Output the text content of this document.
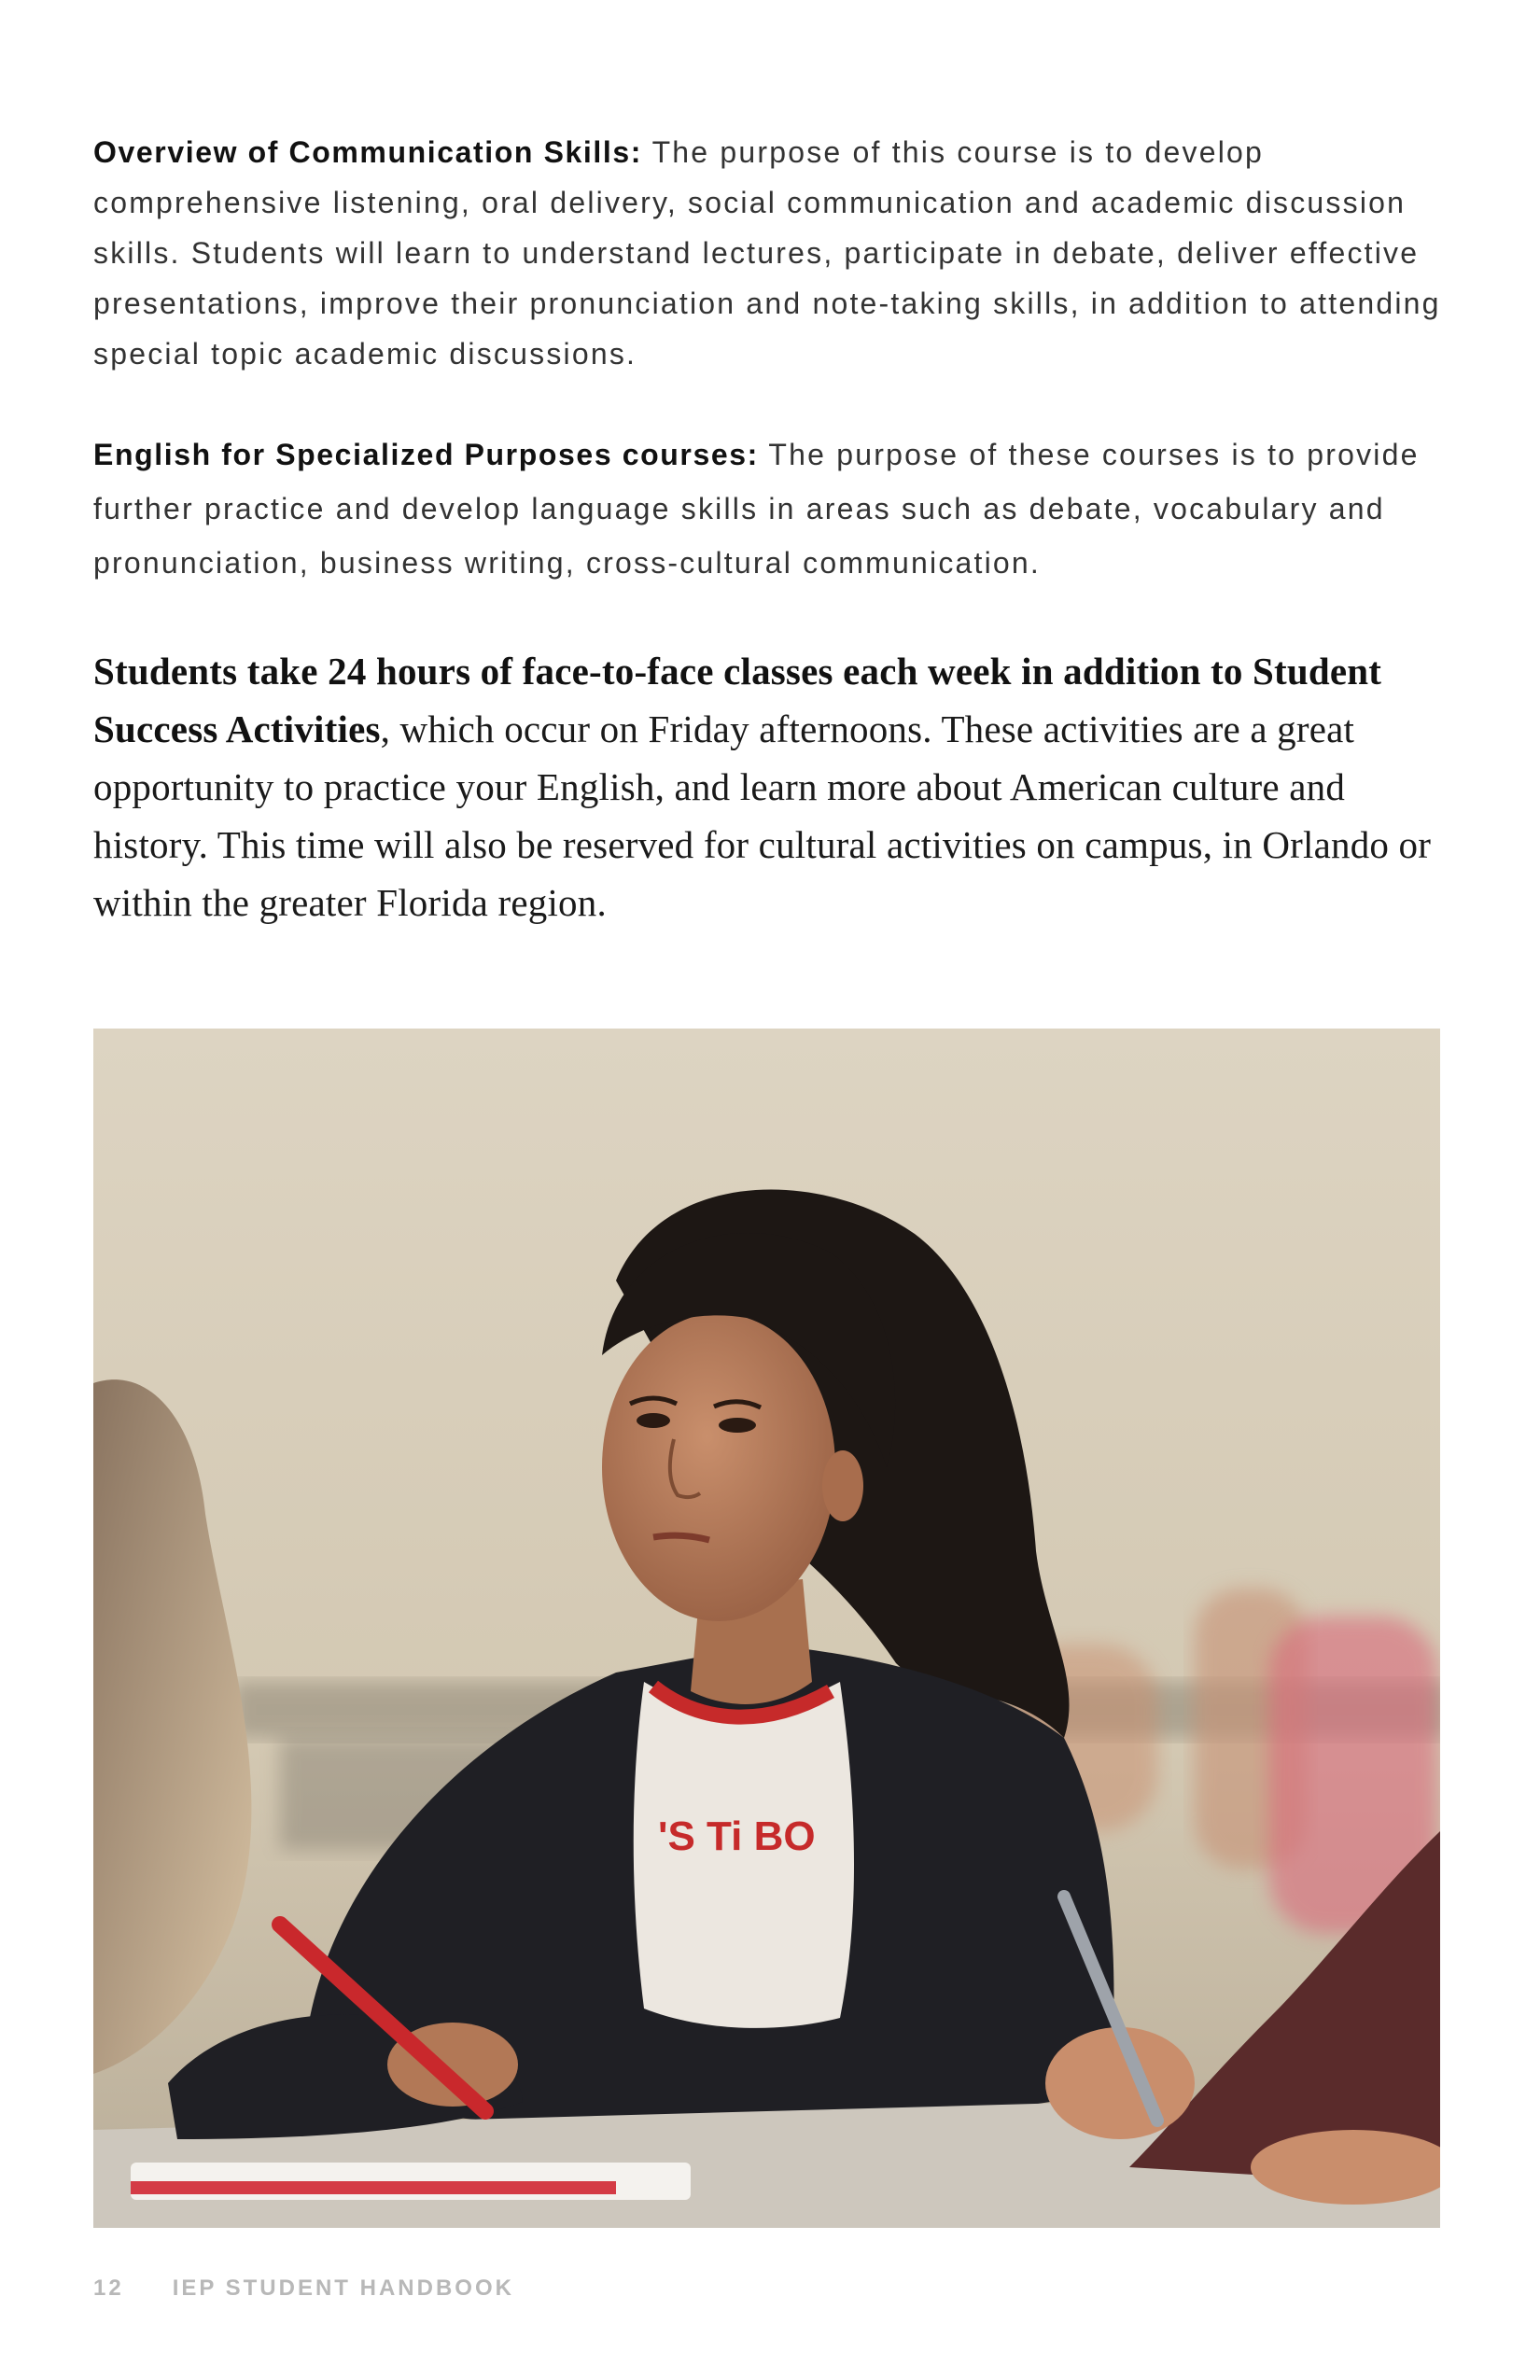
Overview of Communication Skills: The purpose of this course is to develop comprehensive listening, oral delivery, social communication and academic discussion skills. Students will learn to understand lectures, participate in debate, deliver effective presentations, improve their pronunciation and note-taking skills, in addition to attending special topic academic discussions.

English for Specialized Purposes courses: The purpose of these courses is to provide further practice and develop language skills in areas such as debate, vocabulary and pronunciation, business writing, cross-cultural communication.

Students take 24 hours of face-to-face classes each week in addition to Student Success Activities, which occur on Friday afternoons. These activities are a great opportunity to practice your English, and learn more about American culture and history. This time will also be reserved for cultural activities on campus, in Orlando or within the greater Florida region.

'S Ti BO
12 IEP STUDENT HANDBOOK
